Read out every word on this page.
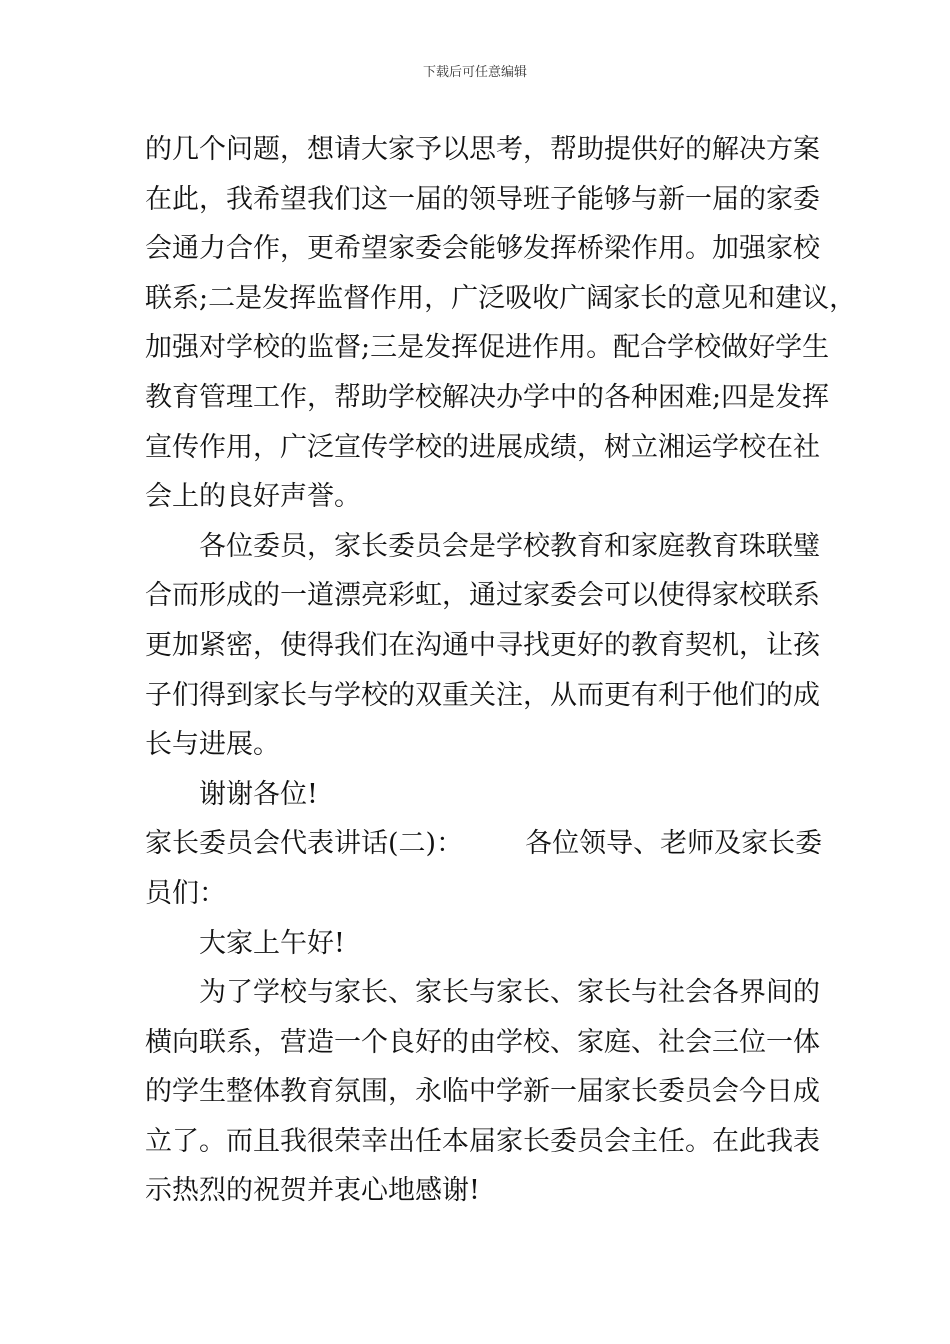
下载后可任意编辑
的几个问题，想请大家予以思考，帮助提供好的解决方案
在此，我希望我们这一届的领导班子能够与新一届的家委
会通力合作，更希望家委会能够发挥桥梁作用。加强家校
联系;二是发挥监督作用，广泛吸收广阔家长的意见和建议，
加强对学校的监督;三是发挥促进作用。配合学校做好学生
教育管理工作，帮助学校解决办学中的各种困难;四是发挥
宣传作用，广泛宣传学校的进展成绩，树立湘运学校在社
会上的良好声誉。
各位委员，家长委员会是学校教育和家庭教育珠联璧
合而形成的一道漂亮彩虹，通过家委会可以使得家校联系
更加紧密，使得我们在沟通中寻找更好的教育契机，让孩
子们得到家长与学校的双重关注，从而更有利于他们的成
长与进展。
谢谢各位!
家长委员会代表讲话(二)： 各位领导、老师及家长委
员们：
大家上午好!
为了学校与家长、家长与家长、家长与社会各界间的
横向联系，营造一个良好的由学校、家庭、社会三位一体
的学生整体教育氛围，永临中学新一届家长委员会今日成
立了。而且我很荣幸出任本届家长委员会主任。在此我表
示热烈的祝贺并衷心地感谢!
